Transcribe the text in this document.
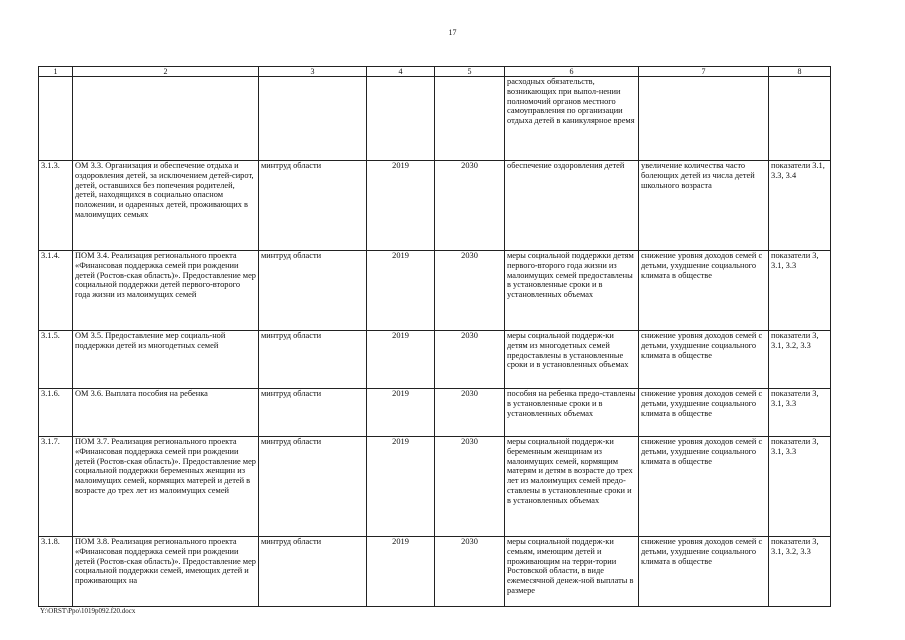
17
1	2	3	4	5	6	7	8
					расходных обязательств, возникающих при выпол-нении полномочий органов местного самоуправления по организации отдыха детей в каникулярное время		
3.1.3.	ОМ 3.3. Организация и обеспечение отдыха и оздоровления детей, за исключением детей-сирот, детей, оставшихся без попечения родителей, детей, находящихся в социально опасном положении, и одаренных детей, проживающих в малоимущих семьях	минтруд области	2019	2030	обеспечение оздоровления детей	увеличение количества часто болеющих детей из числа детей школьного возраста	показатели 3.1, 3.3, 3.4
3.1.4.	ПОМ 3.4. Реализация регионального проекта «Финансовая поддержка семей при рождении детей (Ростов-ская область)». Предоставление мер социальной поддержки детей первого-второго года жизни из малоимущих семей	минтруд области	2019	2030	меры социальной поддержки детям первого-второго года жизни из малоимущих семей предоставлены в установленные сроки и в установленных объемах	снижение уровня доходов семей с детьми, ухудшение социального климата в обществе	показатели 3, 3.1, 3.3
3.1.5.	ОМ 3.5. Предоставление мер социаль-ной поддержки детей из многодетных семей	минтруд области	2019	2030	меры социальной поддерж-ки детям из многодетных семей предоставлены в установленные сроки и в установленных объемах	снижение уровня доходов семей с детьми, ухудшение социального климата в обществе	показатели 3, 3.1, 3.2, 3.3
3.1.6.	ОМ 3.6. Выплата пособия на ребенка	минтруд области	2019	2030	пособия на ребенка предо-ставлены в установленные сроки и в установленных объемах	снижение уровня доходов семей с детьми, ухудшение социального климата в обществе	показатели 3, 3.1, 3.3
3.1.7.	ПОМ 3.7. Реализация регионального проекта «Финансовая поддержка семей при рождении детей (Ростов-ская область)». Предоставление мер социальной поддержки беременных женщин из малоимущих семей, кормящих матерей и детей в возрасте до трех лет из малоимущих семей	минтруд области	2019	2030	меры социальной поддерж-ки беременным женщинам из малоимущих семей, кормящим матерям и детям в возрасте до трех лет из малоимущих семей предо-ставлены в установленные сроки и в установленных объемах	снижение уровня доходов семей с детьми, ухудшение социального климата в обществе	показатели 3, 3.1, 3.3
3.1.8.	ПОМ 3.8. Реализация регионального проекта «Финансовая поддержка семей при рождении детей (Ростов-ская область)». Предоставление мер социальной поддержки семей, имеющих детей и проживающих на	минтруд области	2019	2030	меры социальной поддерж-ки семьям, имеющим детей и проживающим на терри-тории Ростовской области, в виде ежемесячной денеж-ной выплаты в размере	снижение уровня доходов семей с детьми, ухудшение социального климата в обществе	показатели 3, 3.1, 3.2, 3.3
Y:\ORST\Ppo\1019p092.f20.docx
